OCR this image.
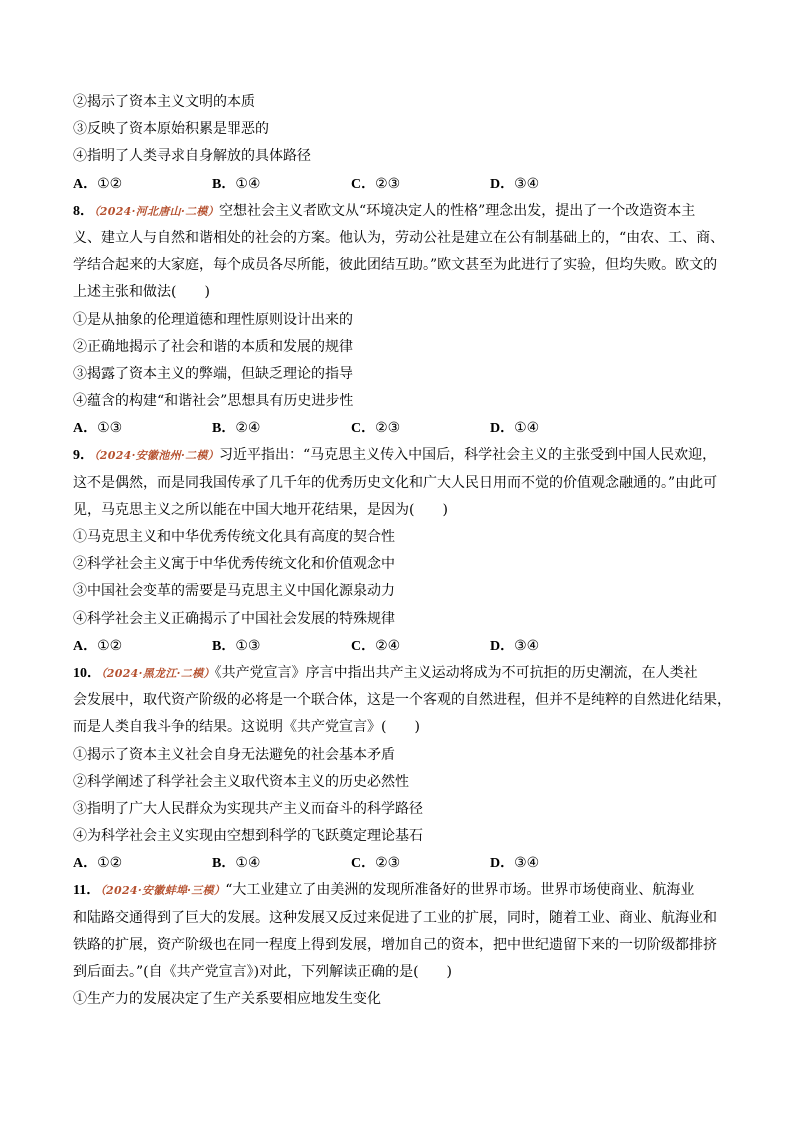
②揭示了资本主义文明的本质
③反映了资本原始积累是罪恶的
④指明了人类寻求自身解放的具体路径
A．①②	B．①④	C．②③	D．③④
8．（2024·河北唐山·二模）空想社会主义者欧文从“环境决定人的性格”理念出发，提出了一个改造资本主
义、建立人与自然和谐相处的社会的方案。他认为，劳动公社是建立在公有制基础上的，“由农、工、商、
学结合起来的大家庭，每个成员各尽所能，彼此团结互助。”欧文甚至为此进行了实验，但均失败。欧文的
上述主张和做法(　　)
①是从抽象的伦理道德和理性原则设计出来的
②正确地揭示了社会和谐的本质和发展的规律
③揭露了资本主义的弊端，但缺乏理论的指导
④蕴含的构建“和谐社会”思想具有历史进步性
A．①③	B．②④	C．②③	D．①④
9．（2024·安徽池州·二模）习近平指出：“马克思主义传入中国后，科学社会主义的主张受到中国人民欢迎，
这不是偶然，而是同我国传承了几千年的优秀历史文化和广大人民日用而不觉的价值观念融通的。”由此可
见，马克思主义之所以能在中国大地开花结果，是因为(　　)
①马克思主义和中华优秀传统文化具有高度的契合性
②科学社会主义寓于中华优秀传统文化和价值观念中
③中国社会变革的需要是马克思主义中国化源泉动力
④科学社会主义正确揭示了中国社会发展的特殊规律
A．①②	B．①③	C．②④	D．③④
10．（2024·黑龙江·二模）《共产党宣言》序言中指出共产主义运动将成为不可抗拒的历史潮流，在人类社
会发展中，取代资产阶级的必将是一个联合体，这是一个客观的自然进程，但并不是纯粹的自然进化结果，
而是人类自我斗争的结果。这说明《共产党宣言》(　　)
①揭示了资本主义社会自身无法避免的社会基本矛盾
②科学阐述了科学社会主义取代资本主义的历史必然性
③指明了广大人民群众为实现共产主义而奋斗的科学路径
④为科学社会主义实现由空想到科学的飞跃奠定理论基石
A．①②	B．①④	C．②③	D．③④
11．（2024·安徽蚌埠·三模）“大工业建立了由美洲的发现所准备好的世界市场。世界市场使商业、航海业
和陆路交通得到了巨大的发展。这种发展又反过来促进了工业的扩展，同时，随着工业、商业、航海业和
铁路的扩展，资产阶级也在同一程度上得到发展，增加自己的资本，把中世纪遗留下来的一切阶级都排挤
到后面去。”(自《共产党宣言》)对此，下列解读正确的是(　　)
①生产力的发展决定了生产关系要相应地发生变化
